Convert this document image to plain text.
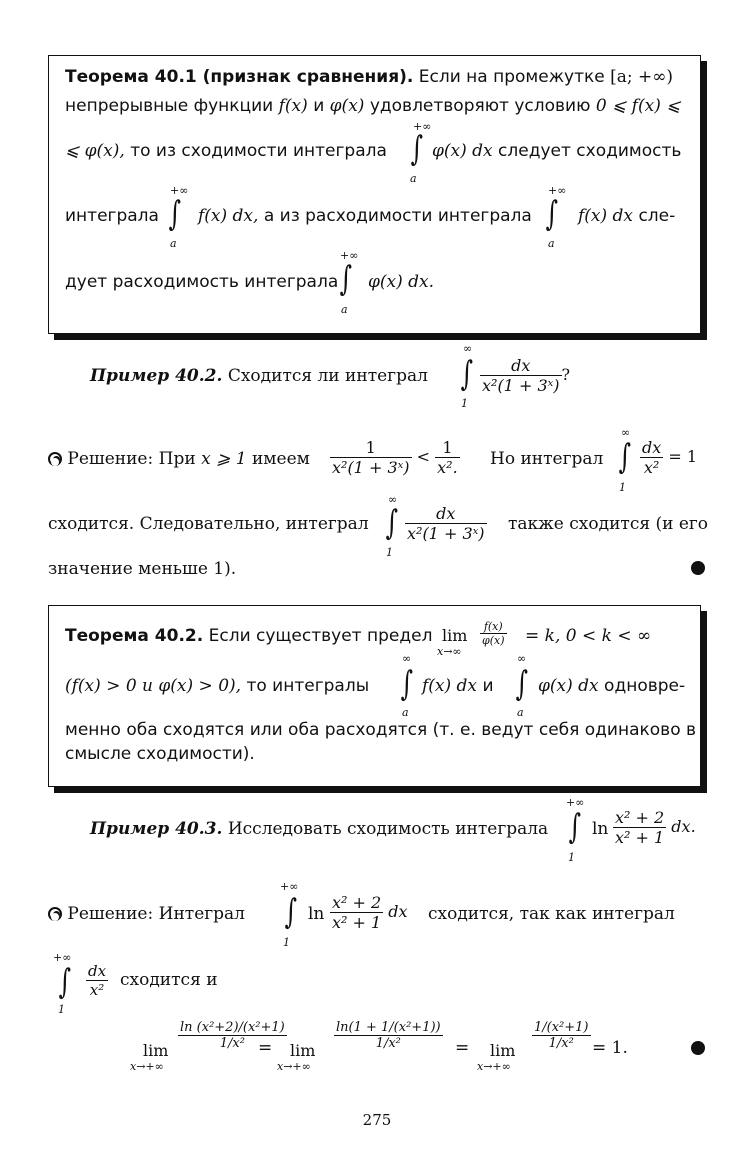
Теорема 40.1 (признак сравнения). Если на промежутке [a; +∞)
непрерывные функции f(x) и φ(x) удовлетворяют условию 0 ⩽ f(x) ⩽
+∞
⩽ φ(x), то из сходимости интеграла ∫ φ(x) dx следует сходимость
a
+∞	+∞
интеграла ∫ f(x) dx, а из расходимости интеграла ∫ f(x) dx сле-
a	a
+∞
дует расходимость интеграла ∫ φ(x) dx.
a
∞
Пример 40.2. Сходится ли интеграл ∫ $\frac{dx}{\text{x²(1 + 3ˣ)}}$ ?
1
Решение: При x ⩾ 1 имеем $\frac{1}{\text{x²(1 + 3ˣ)}} < \frac{1}{\text{x².}}$ Но интеграл
∞
∫ $\frac{dx}{\text{x²}} = 1$
1
∞
сходится. Следовательно, интеграл ∫ $\frac{dx}{\text{x²(1 + 3ˣ)}}$ также сходится (и его
1
значение меньше 1).
Теорема 40.2. Если существует предел lim
x→∞
$\frac{f(x)}{\varphi(x)} = k$, 0 < k < ∞
∞	∞
(f(x) > 0 и φ(x) > 0), то интегралы ∫ f(x) dx и ∫ φ(x) dx одновре-
a	a
менно оба сходятся или оба расходятся (т. е. ведут себя одинаково в
смысле сходимости).
+∞
Пример 40.3. Исследовать сходимость интеграла ∫ $\ln \frac{\text{x² + 2}}{\text{x² + 1}}$ dx.
1
+∞
Решение: Интеграл ∫ $\ln \frac{\text{x² + 2}}{\text{x² + 1}}$ dx сходится, так как интеграл
1
+∞
∫ $\frac{dx}{\text{x²}}$ сходится и
1
lim
x→+∞
$\frac{\text{ln (x²+2)/(x²+1)}}{\text{1/x²}}$
= lim
x→+∞
$\frac{\text{ln(1 + 1/(x²+1))}}{\text{1/x²}} = \lim$
x→+∞
$\frac{\text{1/(x²+1)}}{\text{1/x²}} = 1$.
275
